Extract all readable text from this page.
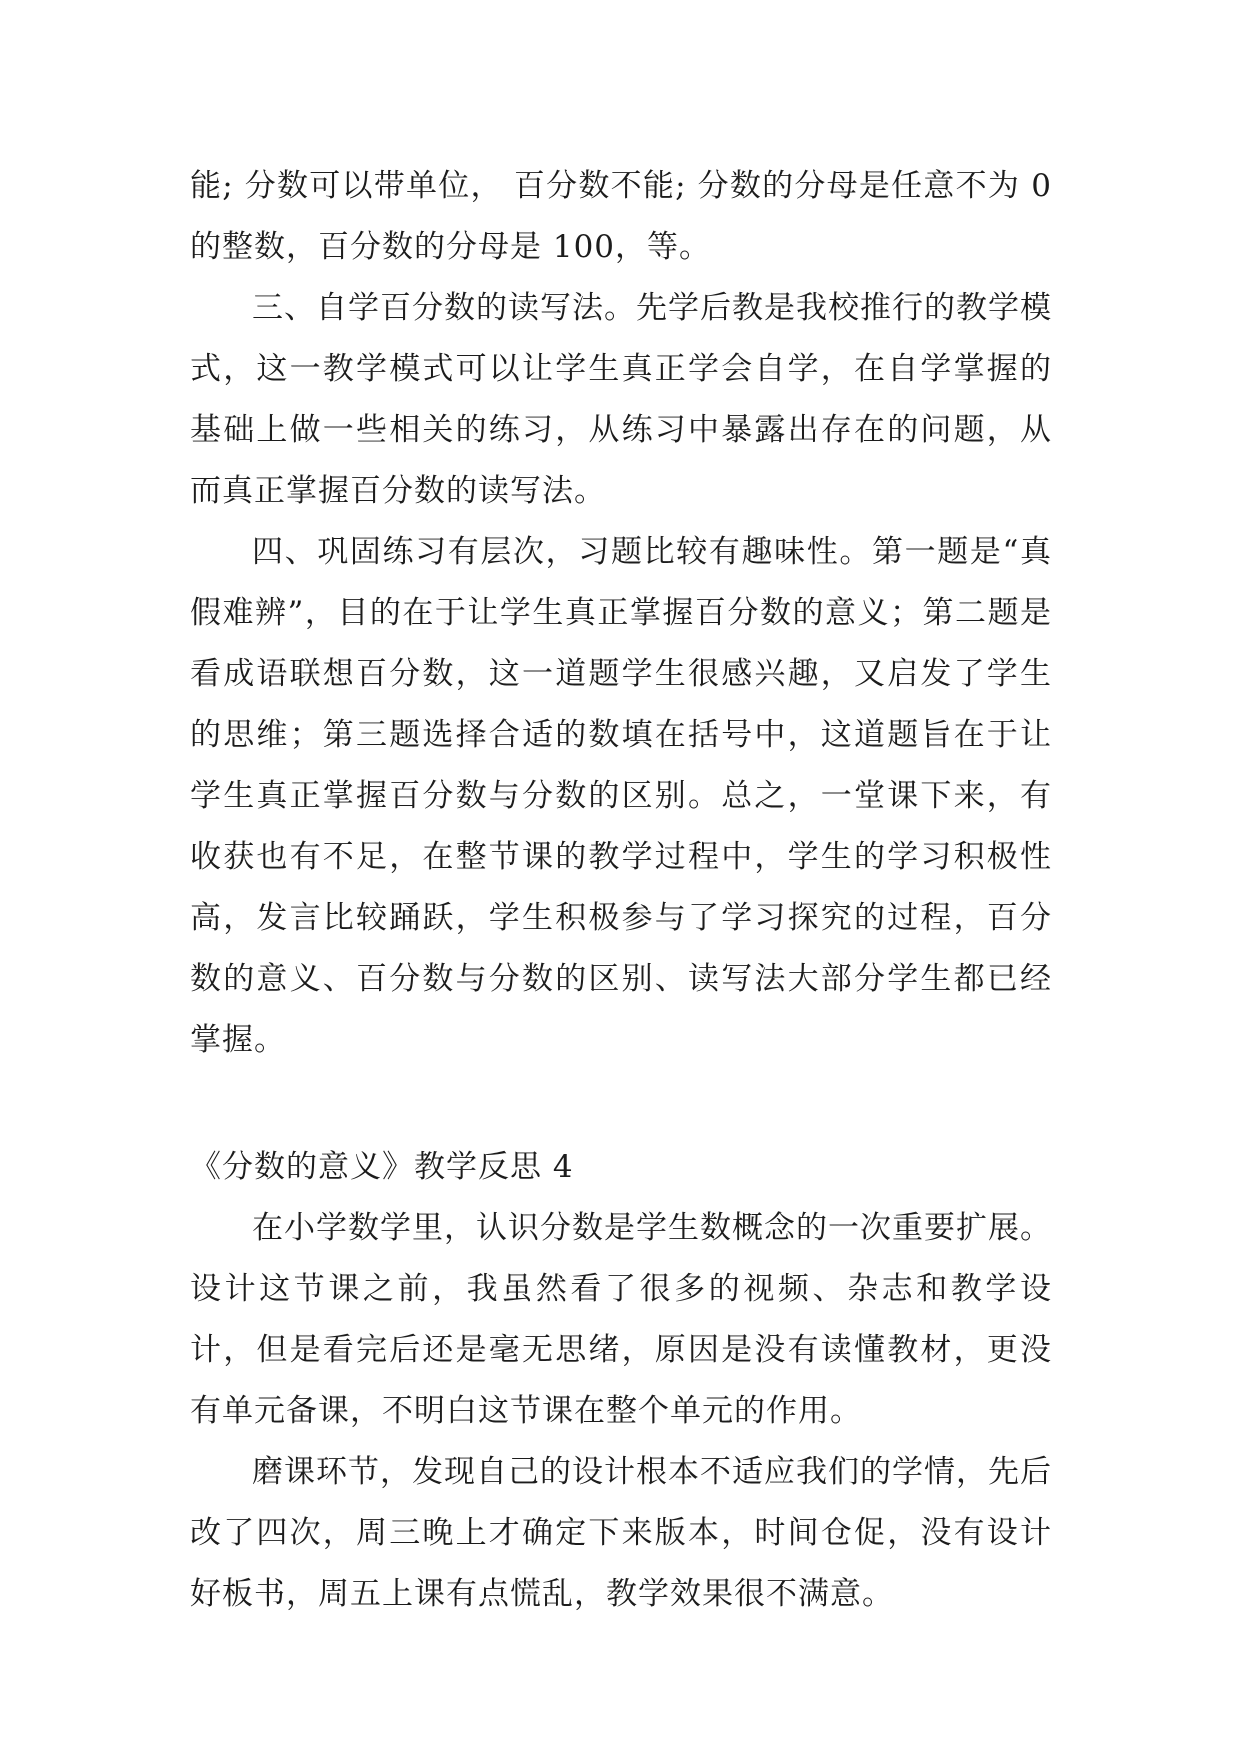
能; 分数可以带单位， 百分数不能; 分数的分母是任意不为 0 的整数，百分数的分母是 100，等。

三、自学百分数的读写法。先学后教是我校推行的教学模式，这一教学模式可以让学生真正学会自学，在自学掌握的基础上做一些相关的练习，从练习中暴露出存在的问题，从而真正掌握百分数的读写法。

四、巩固练习有层次，习题比较有趣味性。第一题是“真假难辨”，目的在于让学生真正掌握百分数的意义；第二题是看成语联想百分数，这一道题学生很感兴趣，又启发了学生的思维；第三题选择合适的数填在括号中，这道题旨在于让学生真正掌握百分数与分数的区别。总之，一堂课下来，有收获也有不足，在整节课的教学过程中，学生的学习积极性高，发言比较踊跃，学生积极参与了学习探究的过程，百分数的意义、百分数与分数的区别、读写法大部分学生都已经掌握。

《分数的意义》教学反思 4

在小学数学里，认识分数是学生数概念的一次重要扩展。设计这节课之前，我虽然看了很多的视频、杂志和教学设计，但是看完后还是毫无思绪，原因是没有读懂教材，更没有单元备课，不明白这节课在整个单元的作用。

磨课环节，发现自己的设计根本不适应我们的学情，先后改了四次，周三晚上才确定下来版本，时间仓促，没有设计好板书，周五上课有点慌乱，教学效果很不满意。
